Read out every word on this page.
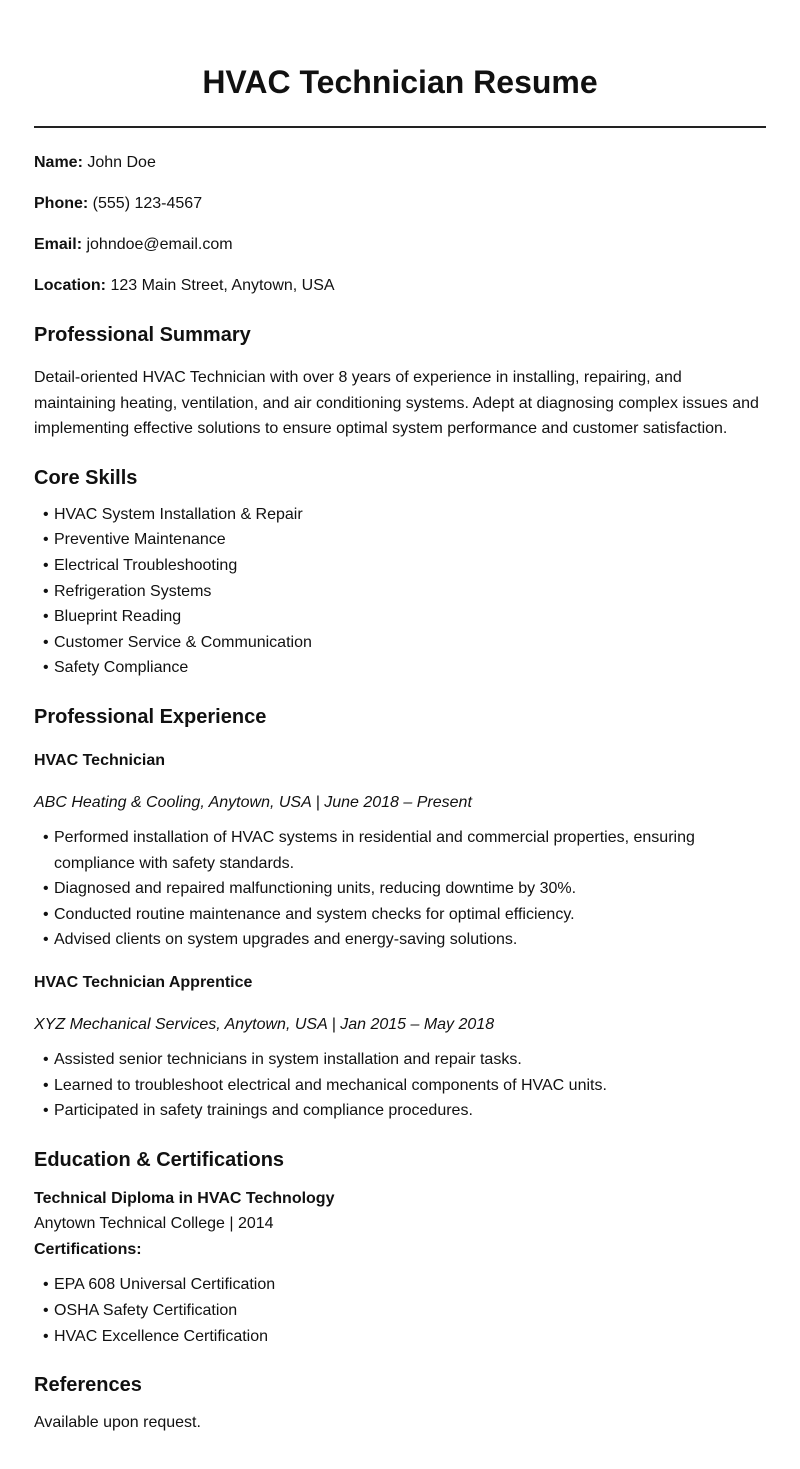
HVAC Technician Resume

Name: John Doe

Phone: (555) 123-4567

Email: johndoe@email.com

Location: 123 Main Street, Anytown, USA

Professional Summary

Detail-oriented HVAC Technician with over 8 years of experience in installing, repairing, and maintaining heating, ventilation, and air conditioning systems. Adept at diagnosing complex issues and implementing effective solutions to ensure optimal system performance and customer satisfaction.

Core Skills
• HVAC System Installation & Repair
• Preventive Maintenance
• Electrical Troubleshooting
• Refrigeration Systems
• Blueprint Reading
• Customer Service & Communication
• Safety Compliance
Professional Experience
HVAC Technician

ABC Heating & Cooling, Anytown, USA | June 2018 – Present

• Performed installation of HVAC systems in residential and commercial properties, ensuring compliance with safety standards.
• Diagnosed and repaired malfunctioning units, reducing downtime by 30%.
• Conducted routine maintenance and system checks for optimal efficiency.
• Advised clients on system upgrades and energy-saving solutions.
HVAC Technician Apprentice

XYZ Mechanical Services, Anytown, USA | Jan 2015 – May 2018

• Assisted senior technicians in system installation and repair tasks.
• Learned to troubleshoot electrical and mechanical components of HVAC units.
• Participated in safety trainings and compliance procedures.
Education & Certifications

Technical Diploma in HVAC Technology

Anytown Technical College | 2014

Certifications:

• EPA 608 Universal Certification
• OSHA Safety Certification
• HVAC Excellence Certification
References

Available upon request.
